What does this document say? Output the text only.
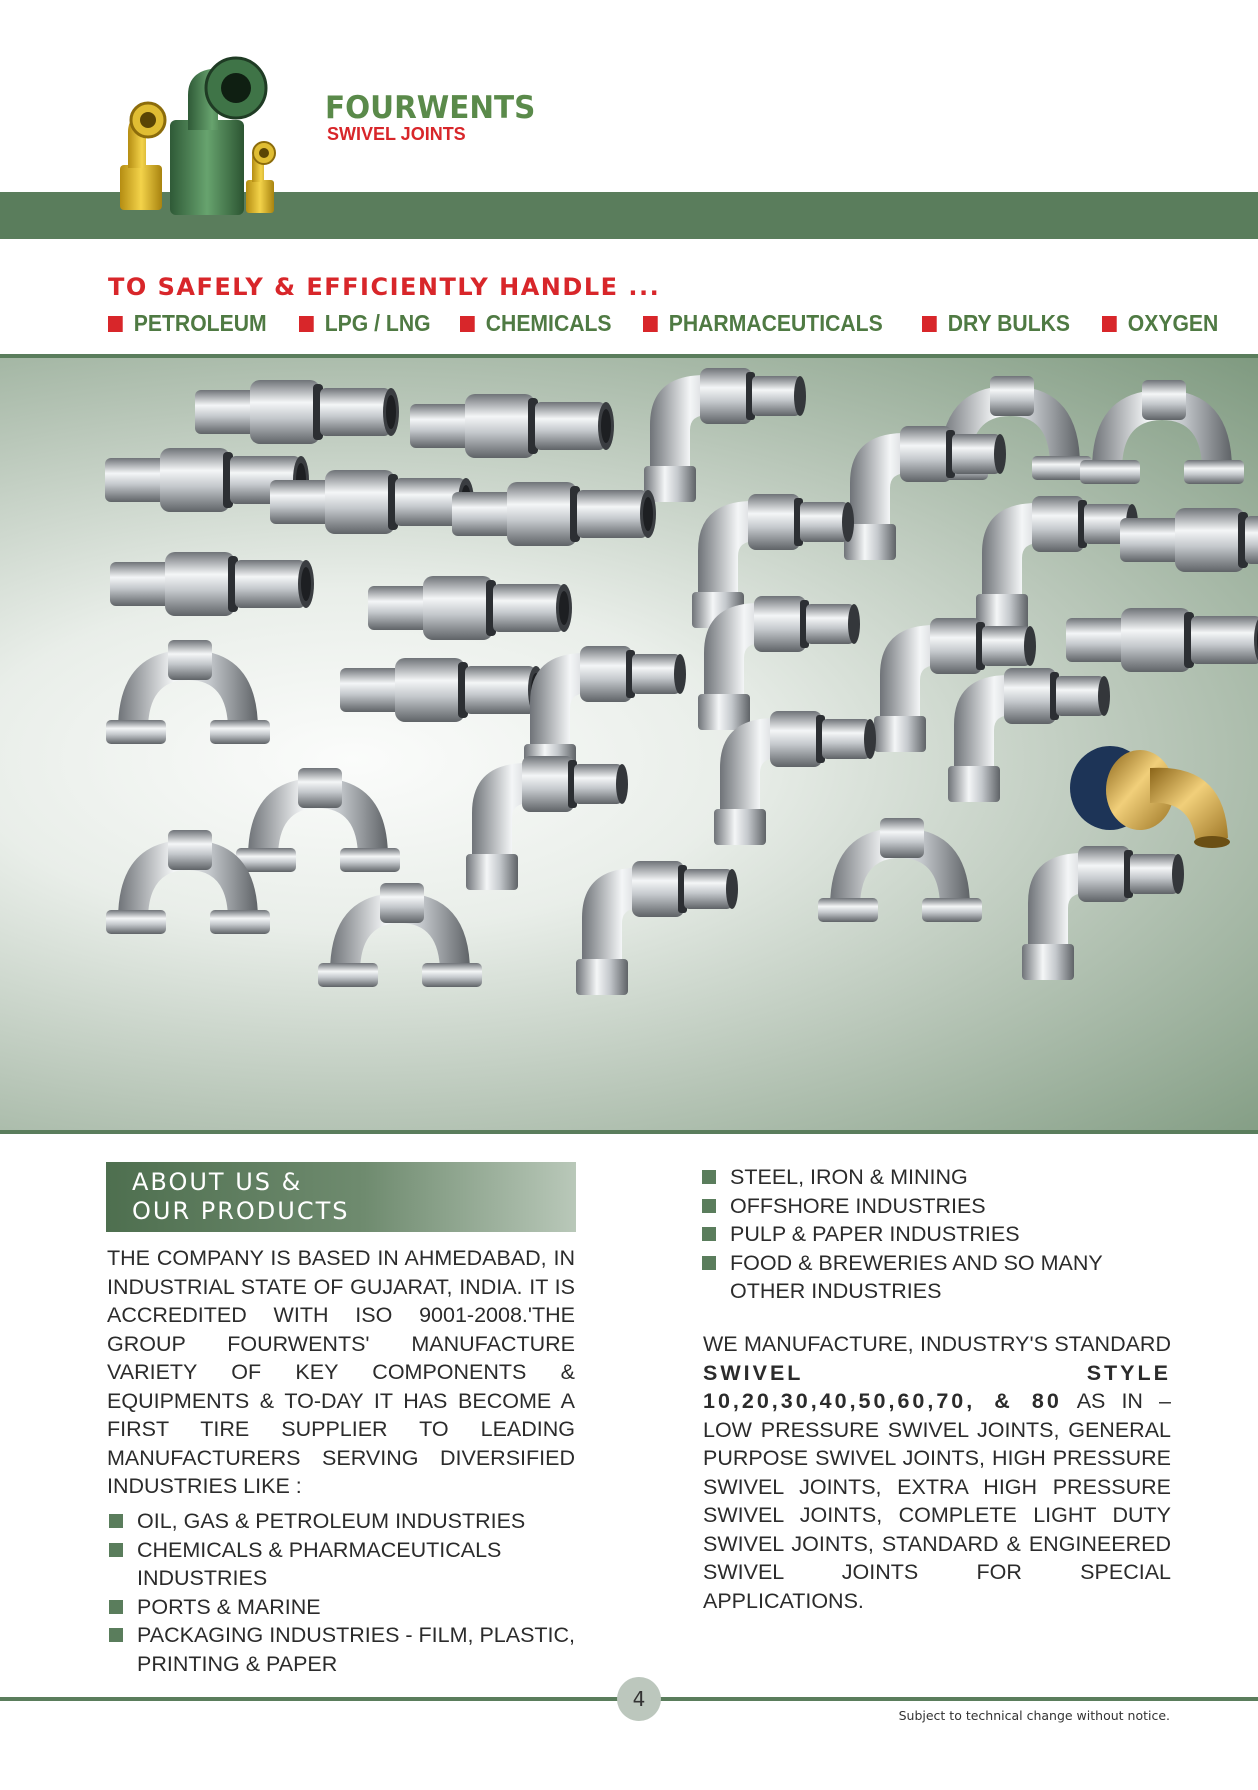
FOURWENTS
SWIVEL JOINTS
TO SAFELY & EFFICIENTLY HANDLE ...
PETROLEUM	LPG / LNG CHEMICALS PHARMACEUTICALS	DRY BULKS OXYGEN
ABOUT US &
OUR PRODUCTS
THE COMPANY IS BASED IN AHMEDABAD, IN INDUSTRIAL STATE OF GUJARAT, INDIA. IT IS ACCREDITED WITH ISO 9001-2008.'THE GROUP FOURWENTS' MANUFACTURE VARIETY OF KEY COMPONENTS & EQUIPMENTS & TO-DAY IT HAS BECOME A FIRST TIRE SUPPLIER TO LEADING MANUFACTURERS SERVING DIVERSIFIED INDUSTRIES LIKE :
OIL, GAS & PETROLEUM INDUSTRIES
CHEMICALS & PHARMACEUTICALS INDUSTRIES
PORTS & MARINE
PACKAGING INDUSTRIES - FILM, PLASTIC, PRINTING & PAPER
STEEL, IRON & MINING
OFFSHORE INDUSTRIES
PULP & PAPER INDUSTRIES
FOOD & BREWERIES AND SO MANY OTHER INDUSTRIES
WE MANUFACTURE, INDUSTRY'S STANDARD SWIVEL STYLE 10,20,30,40,50,60,70, & 80 AS IN – LOW PRESSURE SWIVEL JOINTS, GENERAL PURPOSE SWIVEL JOINTS, HIGH PRESSURE SWIVEL JOINTS, EXTRA HIGH PRESSURE SWIVEL JOINTS, COMPLETE LIGHT DUTY SWIVEL JOINTS, STANDARD & ENGINEERED SWIVEL JOINTS FOR SPECIAL APPLICATIONS.
4
Subject to technical change without notice.
